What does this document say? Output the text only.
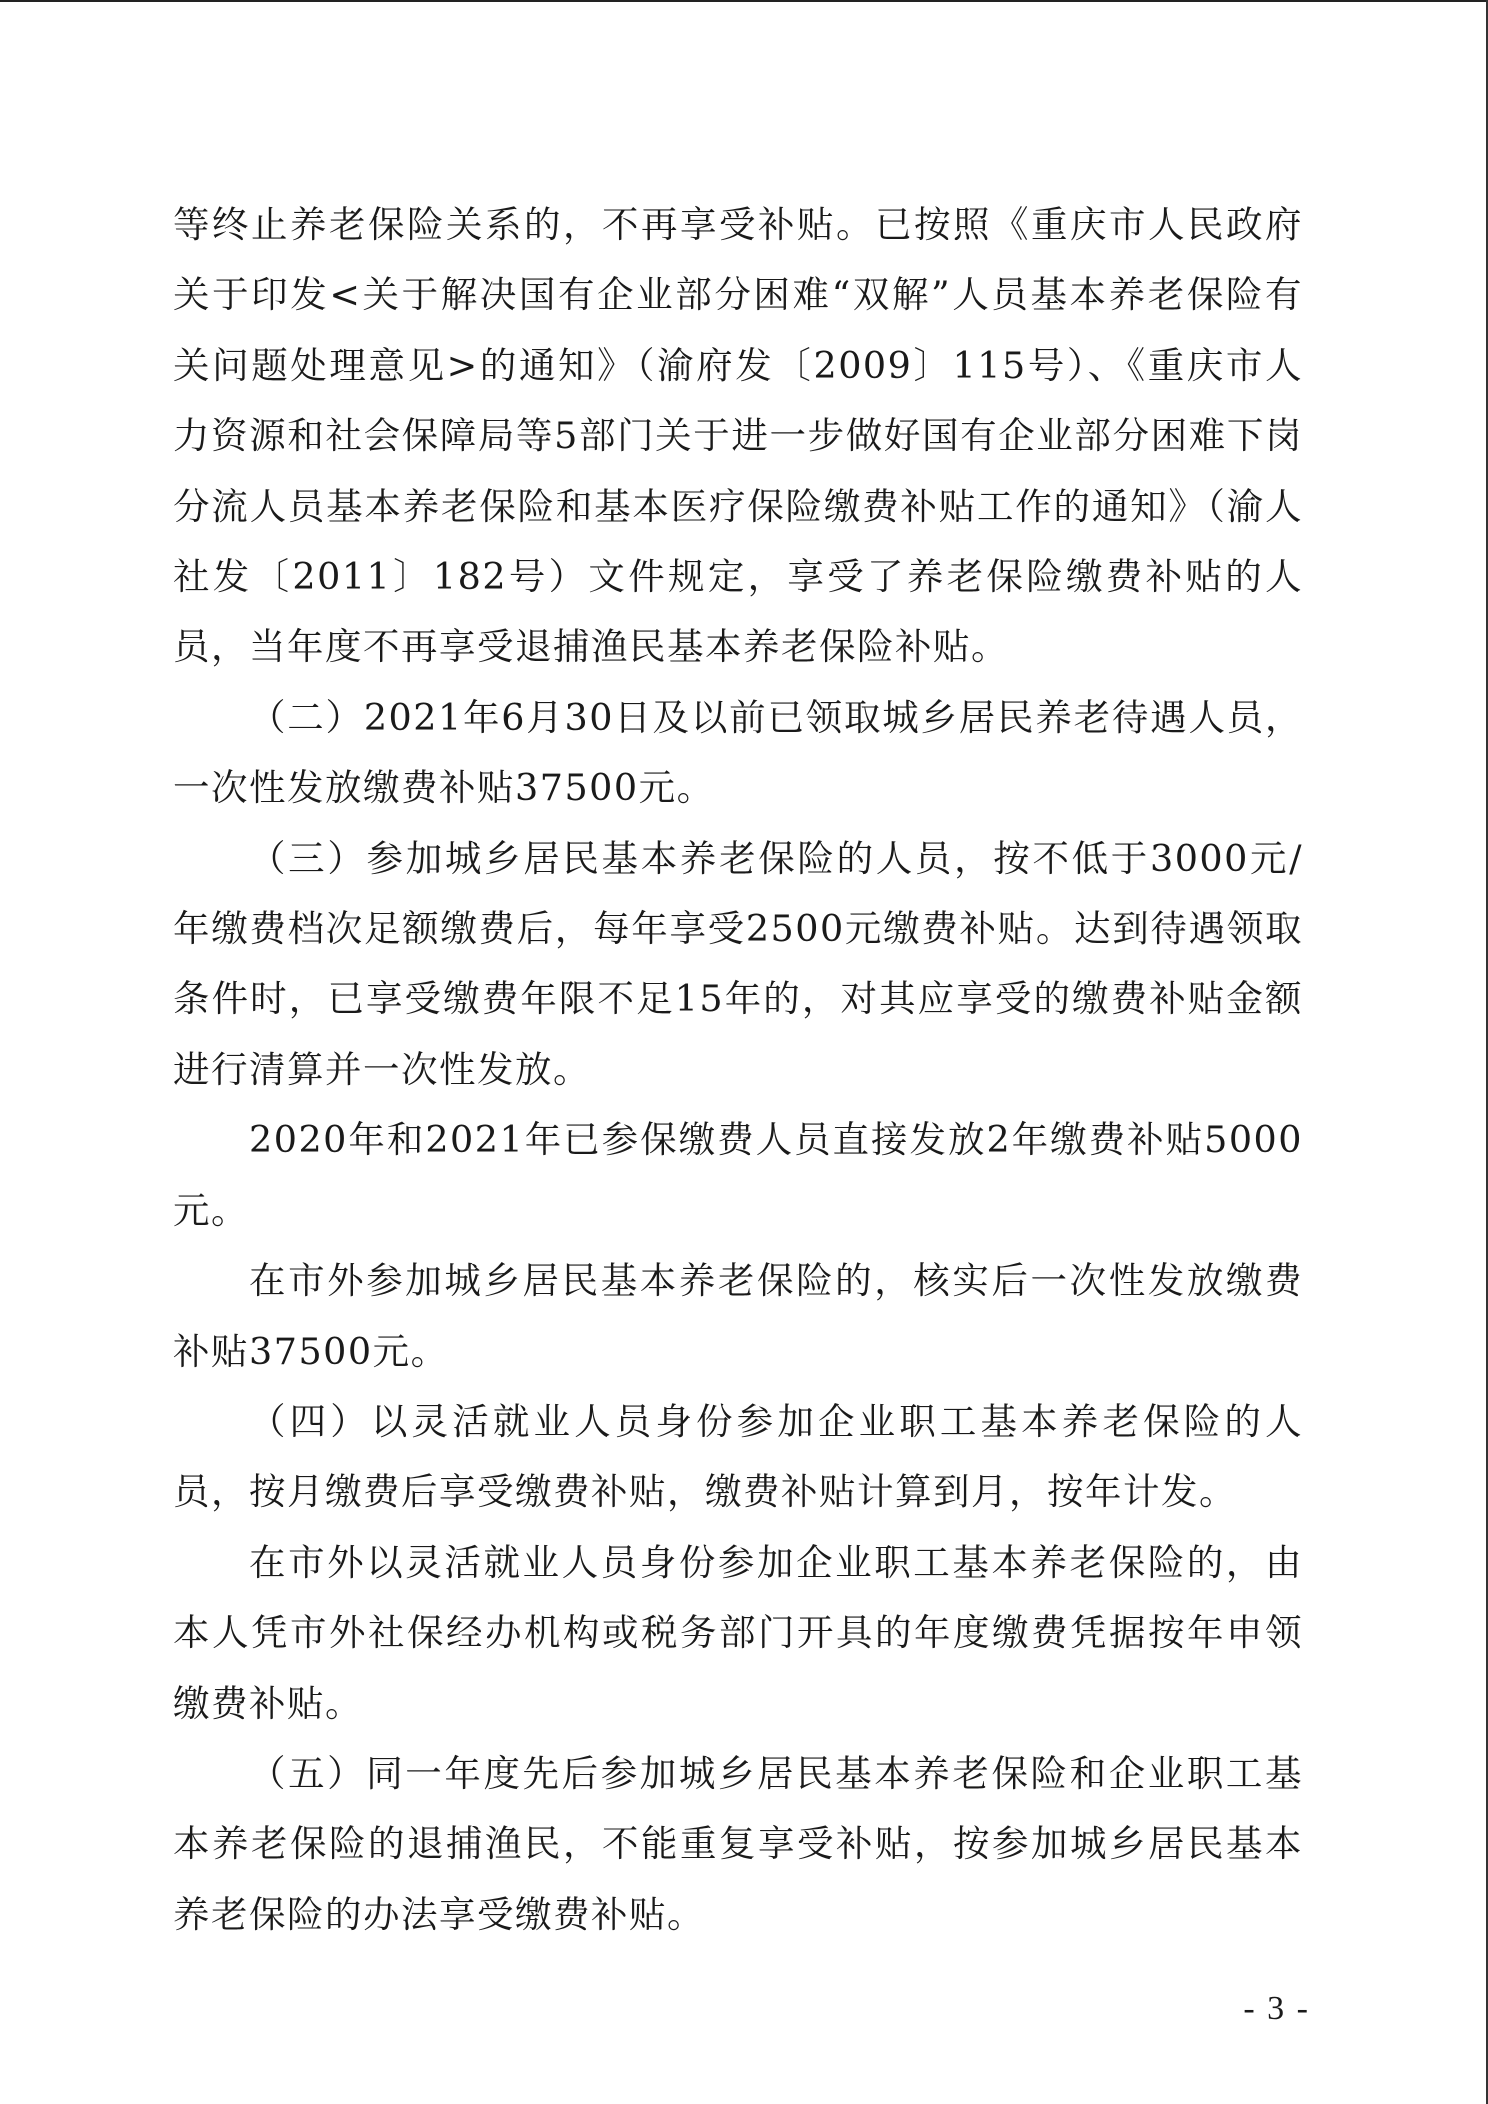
等终止养老保险关系的，不再享受补贴。已按照《重庆市人民政府关于印发<关于解决国有企业部分困难“双解”人员基本养老保险有关问题处理意见>的通知》（渝府发〔2009〕115号）、《重庆市人力资源和社会保障局等5部门关于进一步做好国有企业部分困难下岗分流人员基本养老保险和基本医疗保险缴费补贴工作的通知》（渝人社发〔2011〕182号）文件规定，享受了养老保险缴费补贴的人员，当年度不再享受退捕渔民基本养老保险补贴。

（二）2021年6月30日及以前已领取城乡居民养老待遇人员，一次性发放缴费补贴37500元。

（三）参加城乡居民基本养老保险的人员，按不低于3000元/年缴费档次足额缴费后，每年享受2500元缴费补贴。达到待遇领取条件时，已享受缴费年限不足15年的，对其应享受的缴费补贴金额进行清算并一次性发放。

2020年和2021年已参保缴费人员直接发放2年缴费补贴5000元。

在市外参加城乡居民基本养老保险的，核实后一次性发放缴费补贴37500元。

（四）以灵活就业人员身份参加企业职工基本养老保险的人员，按月缴费后享受缴费补贴，缴费补贴计算到月，按年计发。

在市外以灵活就业人员身份参加企业职工基本养老保险的，由本人凭市外社保经办机构或税务部门开具的年度缴费凭据按年申领缴费补贴。

（五）同一年度先后参加城乡居民基本养老保险和企业职工基本养老保险的退捕渔民，不能重复享受补贴，按参加城乡居民基本养老保险的办法享受缴费补贴。

- 3 -
